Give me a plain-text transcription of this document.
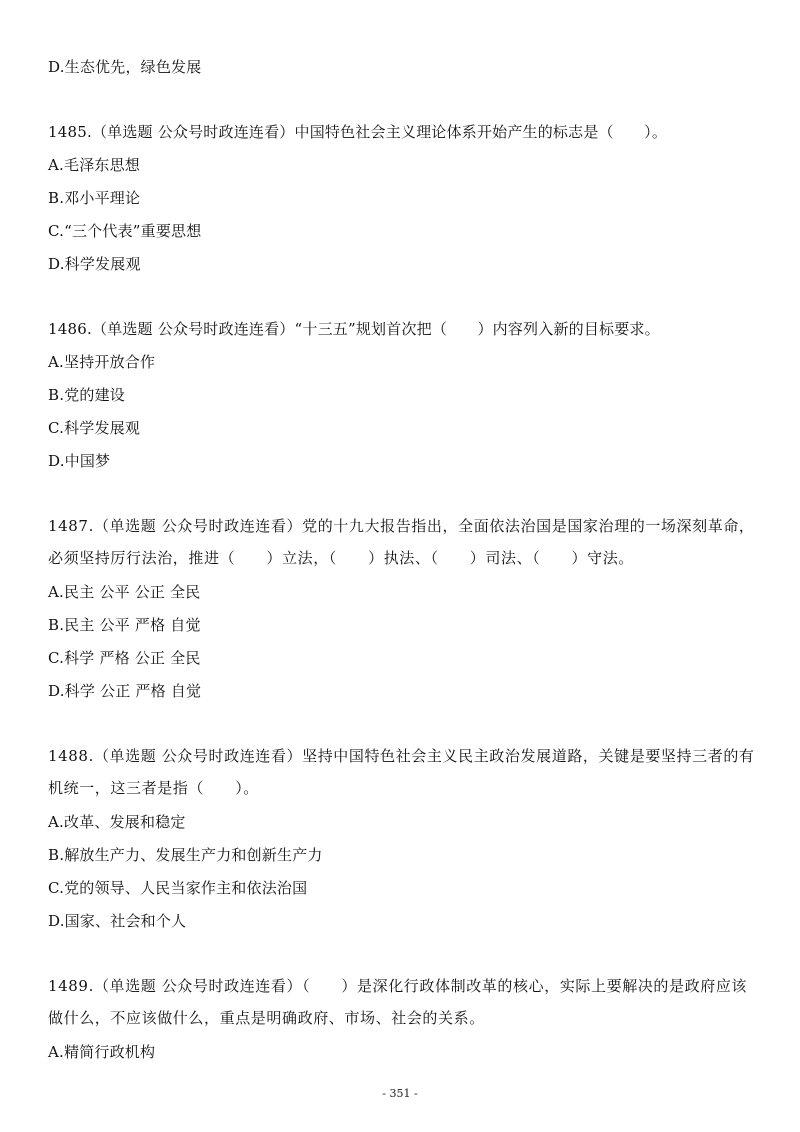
D.生态优先，绿色发展
1485.（单选题 公众号时政连连看）中国特色社会主义理论体系开始产生的标志是（　　）。
A.毛泽东思想
B.邓小平理论
C.“三个代表”重要思想
D.科学发展观
1486.（单选题 公众号时政连连看）“十三五”规划首次把（　　）内容列入新的目标要求。
A.坚持开放合作
B.党的建设
C.科学发展观
D.中国梦
1487.（单选题 公众号时政连连看）党的十九大报告指出，全面依法治国是国家治理的一场深刻革命，必须坚持厉行法治，推进（　　）立法，（　　）执法、（　　）司法、（　　）守法。
A.民主 公平 公正 全民
B.民主 公平 严格 自觉
C.科学 严格 公正 全民
D.科学 公正 严格 自觉
1488.（单选题 公众号时政连连看）坚持中国特色社会主义民主政治发展道路，关键是要坚持三者的有机统一，这三者是指（　　）。
A.改革、发展和稳定
B.解放生产力、发展生产力和创新生产力
C.党的领导、人民当家作主和依法治国
D.国家、社会和个人
1489.（单选题 公众号时政连连看）（　　）是深化行政体制改革的核心，实际上要解决的是政府应该做什么，不应该做什么，重点是明确政府、市场、社会的关系。
A.精简行政机构
- 351 -
